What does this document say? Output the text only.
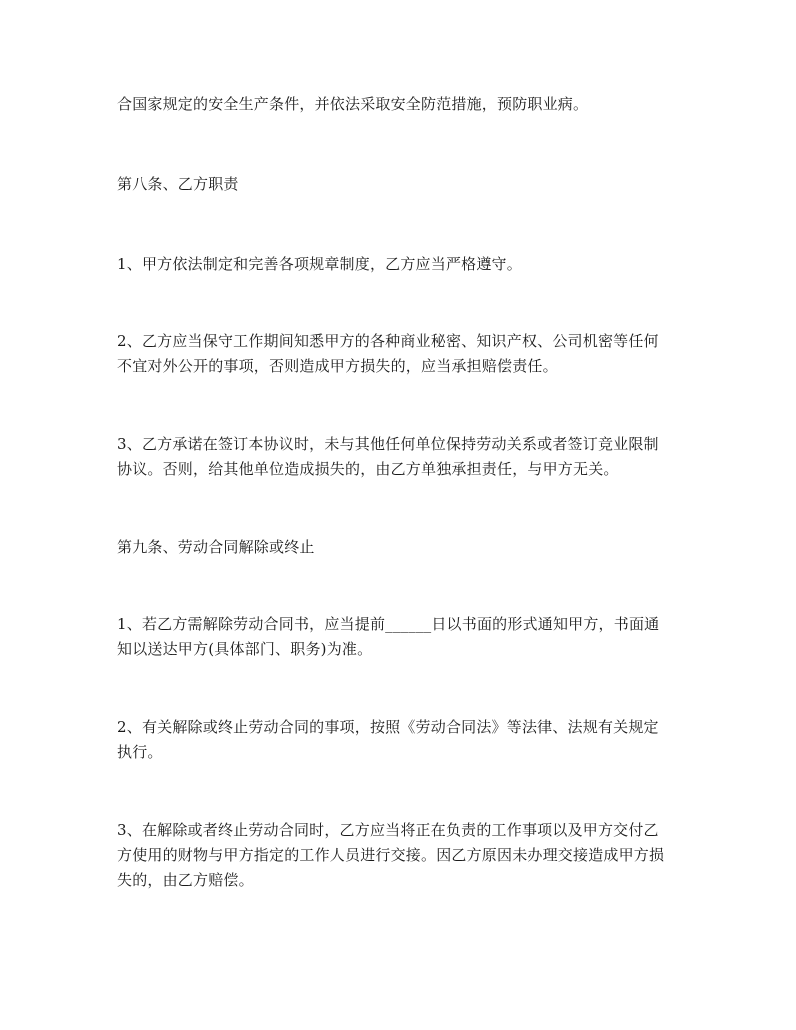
合国家规定的安全生产条件，并依法采取安全防范措施，预防职业病。
第八条、乙方职责
1、甲方依法制定和完善各项规章制度，乙方应当严格遵守。
2、乙方应当保守工作期间知悉甲方的各种商业秘密、知识产权、公司机密等任何
不宜对外公开的事项，否则造成甲方损失的，应当承担赔偿责任。
3、乙方承诺在签订本协议时，未与其他任何单位保持劳动关系或者签订竞业限制
协议。否则，给其他单位造成损失的，由乙方单独承担责任，与甲方无关。
第九条、劳动合同解除或终止
1、若乙方需解除劳动合同书，应当提前______日以书面的形式通知甲方，书面通
知以送达甲方(具体部门、职务)为准。
2、有关解除或终止劳动合同的事项，按照《劳动合同法》等法律、法规有关规定
执行。
3、在解除或者终止劳动合同时，乙方应当将正在负责的工作事项以及甲方交付乙
方使用的财物与甲方指定的工作人员进行交接。因乙方原因未办理交接造成甲方损
失的，由乙方赔偿。
